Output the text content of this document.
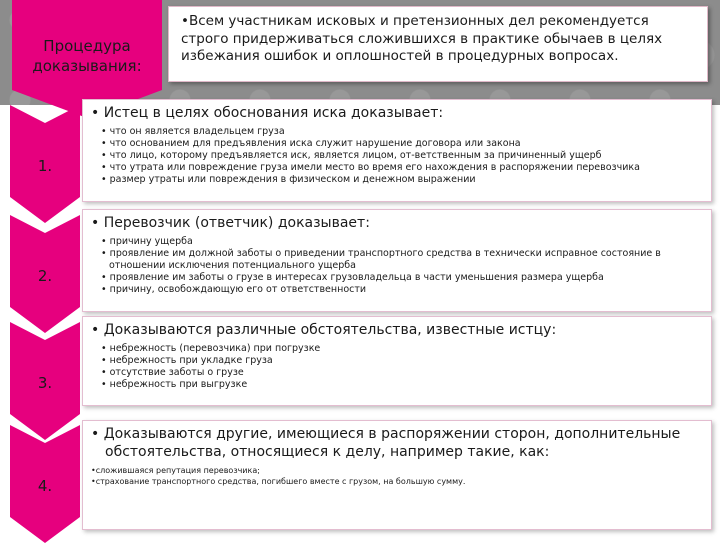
Процедура доказывания:
•Всем участникам исковых и претензионных дел рекомендуется строго придерживаться сложившихся в практике обычаев в целях избежания ошибок и оплошностей в процедурных вопросах.
1.
• Истец в целях обоснования иска доказывает:
• что он является владельцем груза
• что основанием для предъявления иска служит нарушение договора или закона
• что лицо, которому предъявляется иск, является лицом, от-ветственным за причиненный ущерб
• что утрата или повреждение груза имели место во время его нахождения в распоряжении перевозчика
• размер утраты или повреждения в физическом и денежном выражении
2.
• Перевозчик (ответчик) доказывает:
• причину ущерба
• проявление им должной заботы о приведении транспортного средства в технически исправное состояние в отношении исключения потенциального ущерба
• проявление им заботы о грузе в интересах грузовладельца в части уменьшения размера ущерба
• причину, освобождающую его от ответственности
3.
• Доказываются различные обстоятельства, известные истцу:
• небрежность (перевозчика) при погрузке
• небрежность при укладке груза
• отсутствие заботы о грузе
• небрежность при выгрузке
4.
• Доказываются другие, имеющиеся в распоряжении сторон, дополнительные обстоятельства, относящиеся к делу, например такие, как:
•сложившаяся репутация перевозчика;
•страхование транспортного средства, погибшего вместе с грузом, на большую сумму.
